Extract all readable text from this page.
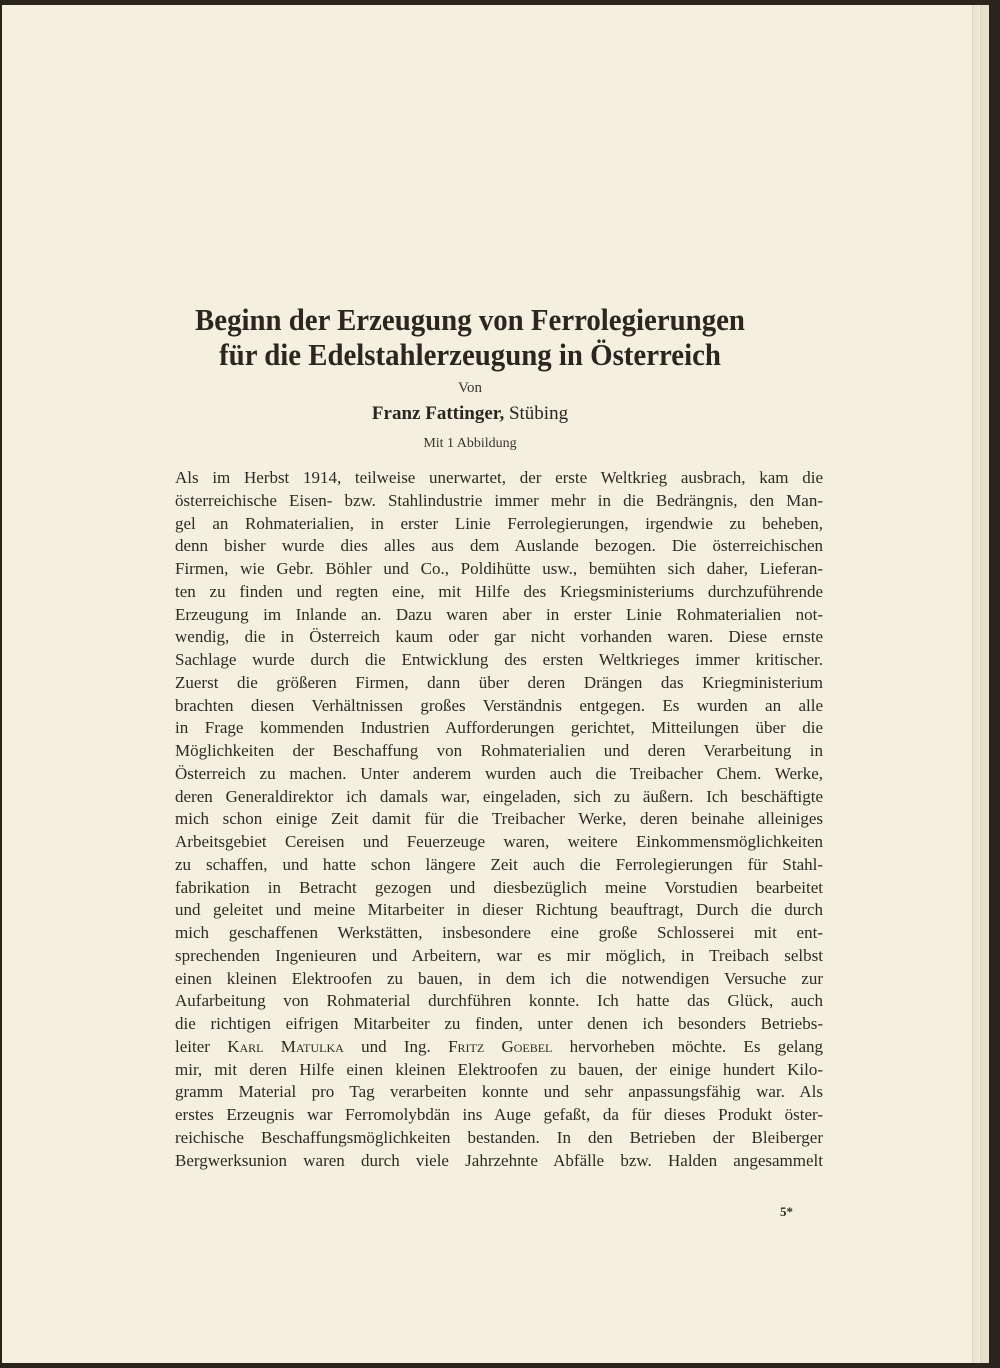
Beginn der Erzeugung von Ferrolegierungen
für die Edelstahlerzeugung in Österreich
Von
Franz Fattinger, Stübing
Mit 1 Abbildung
Als im Herbst 1914, teilweise unerwartet, der erste Weltkrieg ausbrach, kam die
österreichische Eisen- bzw. Stahlindustrie immer mehr in die Bedrängnis, den Man-
gel an Rohmaterialien, in erster Linie Ferrolegierungen, irgendwie zu beheben,
denn bisher wurde dies alles aus dem Auslande bezogen. Die österreichischen
Firmen, wie Gebr. Böhler und Co., Poldihütte usw., bemühten sich daher, Lieferan-
ten zu finden und regten eine, mit Hilfe des Kriegsministeriums durchzuführende
Erzeugung im Inlande an. Dazu waren aber in erster Linie Rohmaterialien not-
wendig, die in Österreich kaum oder gar nicht vorhanden waren. Diese ernste
Sachlage wurde durch die Entwicklung des ersten Weltkrieges immer kritischer.
Zuerst die größeren Firmen, dann über deren Drängen das Kriegministerium
brachten diesen Verhältnissen großes Verständnis entgegen. Es wurden an alle
in Frage kommenden Industrien Aufforderungen gerichtet, Mitteilungen über die
Möglichkeiten der Beschaffung von Rohmaterialien und deren Verarbeitung in
Österreich zu machen. Unter anderem wurden auch die Treibacher Chem. Werke,
deren Generaldirektor ich damals war, eingeladen, sich zu äußern. Ich beschäftigte
mich schon einige Zeit damit für die Treibacher Werke, deren beinahe alleiniges
Arbeitsgebiet Cereisen und Feuerzeuge waren, weitere Einkommensmöglichkeiten
zu schaffen, und hatte schon längere Zeit auch die Ferrolegierungen für Stahl-
fabrikation in Betracht gezogen und diesbezüglich meine Vorstudien bearbeitet
und geleitet und meine Mitarbeiter in dieser Richtung beauftragt, Durch die durch
mich geschaffenen Werkstätten, insbesondere eine große Schlosserei mit ent-
sprechenden Ingenieuren und Arbeitern, war es mir möglich, in Treibach selbst
einen kleinen Elektroofen zu bauen, in dem ich die notwendigen Versuche zur
Aufarbeitung von Rohmaterial durchführen konnte. Ich hatte das Glück, auch
die richtigen eifrigen Mitarbeiter zu finden, unter denen ich besonders Betriebs-
leiter Karl Matulka und Ing. Fritz Goebel hervorheben möchte. Es gelang
mir, mit deren Hilfe einen kleinen Elektroofen zu bauen, der einige hundert Kilo-
gramm Material pro Tag verarbeiten konnte und sehr anpassungsfähig war. Als
erstes Erzeugnis war Ferromolybdän ins Auge gefaßt, da für dieses Produkt öster-
reichische Beschaffungsmöglichkeiten bestanden. In den Betrieben der Bleiberger
Bergwerksunion waren durch viele Jahrzehnte Abfälle bzw. Halden angesammelt
5*
